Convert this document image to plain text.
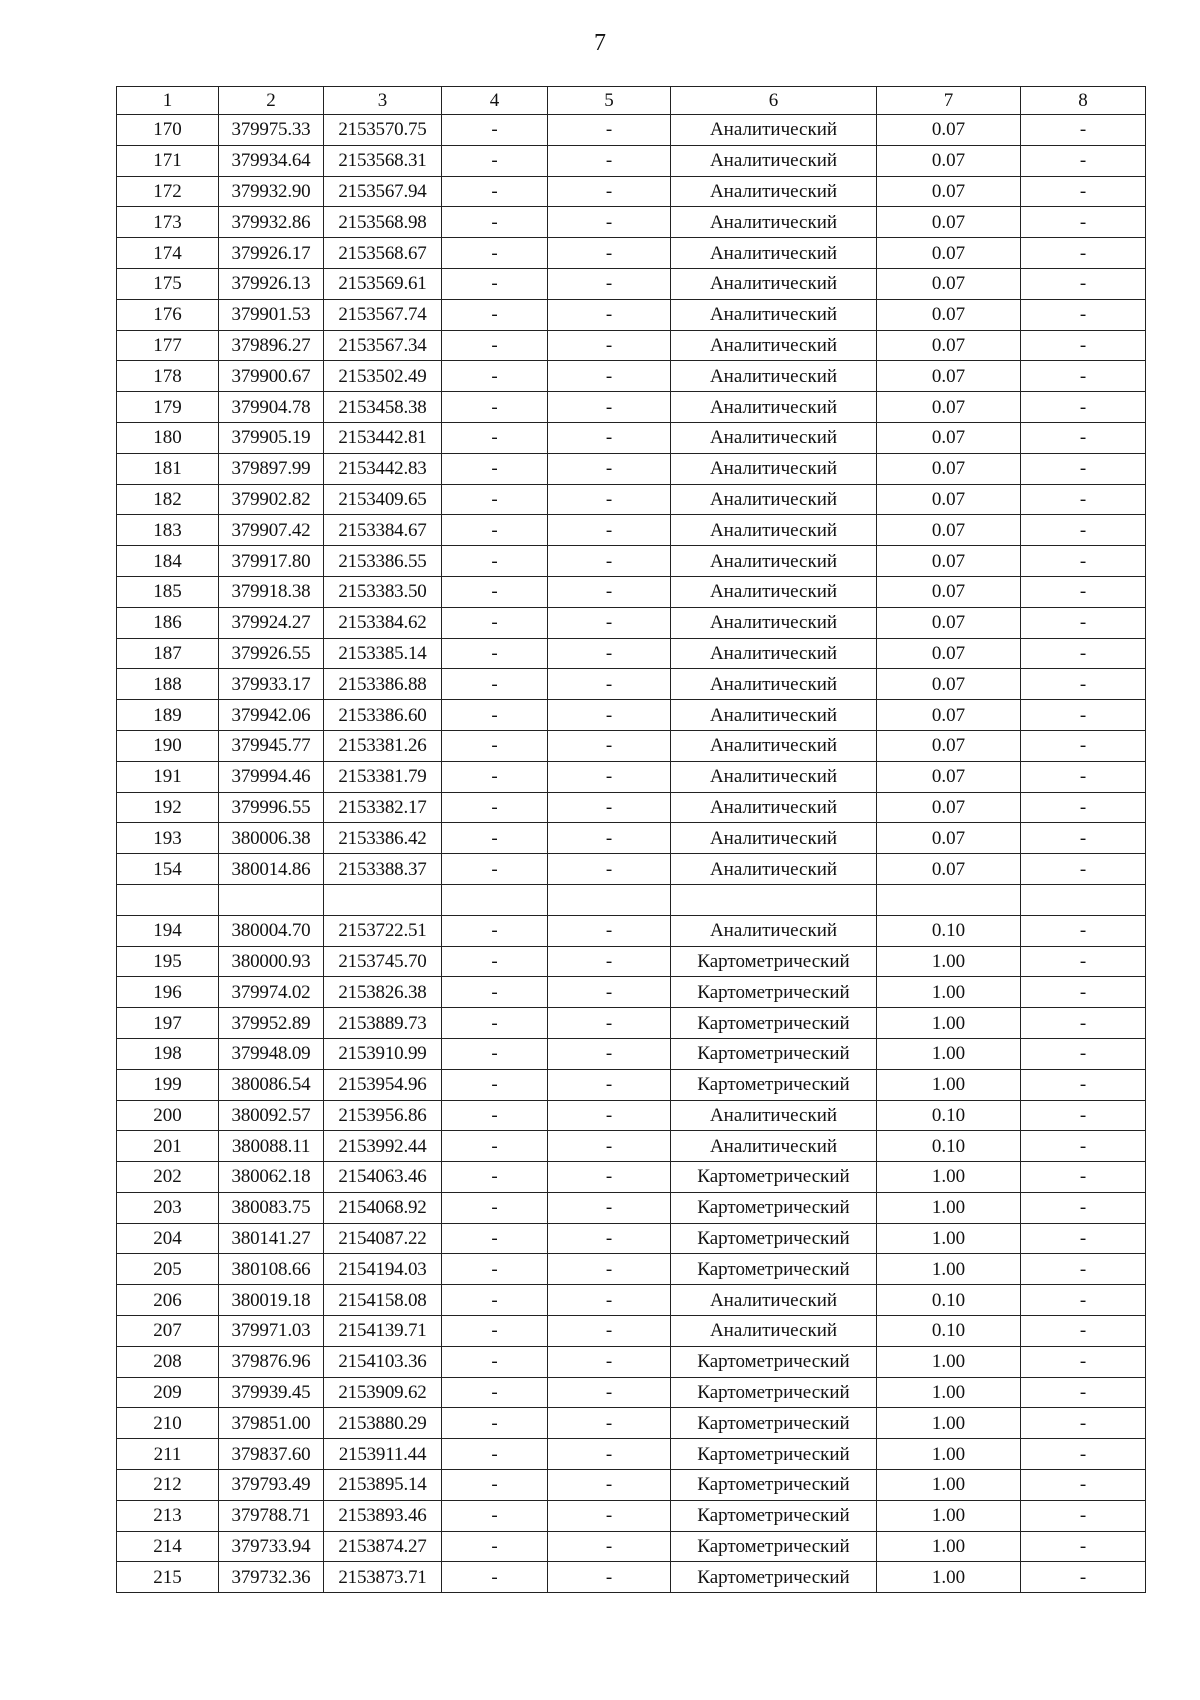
7
1	2	3	4	5	6	7	8
170	379975.33	2153570.75	-	-	Аналитический	0.07	-
171	379934.64	2153568.31	-	-	Аналитический	0.07	-
172	379932.90	2153567.94	-	-	Аналитический	0.07	-
173	379932.86	2153568.98	-	-	Аналитический	0.07	-
174	379926.17	2153568.67	-	-	Аналитический	0.07	-
175	379926.13	2153569.61	-	-	Аналитический	0.07	-
176	379901.53	2153567.74	-	-	Аналитический	0.07	-
177	379896.27	2153567.34	-	-	Аналитический	0.07	-
178	379900.67	2153502.49	-	-	Аналитический	0.07	-
179	379904.78	2153458.38	-	-	Аналитический	0.07	-
180	379905.19	2153442.81	-	-	Аналитический	0.07	-
181	379897.99	2153442.83	-	-	Аналитический	0.07	-
182	379902.82	2153409.65	-	-	Аналитический	0.07	-
183	379907.42	2153384.67	-	-	Аналитический	0.07	-
184	379917.80	2153386.55	-	-	Аналитический	0.07	-
185	379918.38	2153383.50	-	-	Аналитический	0.07	-
186	379924.27	2153384.62	-	-	Аналитический	0.07	-
187	379926.55	2153385.14	-	-	Аналитический	0.07	-
188	379933.17	2153386.88	-	-	Аналитический	0.07	-
189	379942.06	2153386.60	-	-	Аналитический	0.07	-
190	379945.77	2153381.26	-	-	Аналитический	0.07	-
191	379994.46	2153381.79	-	-	Аналитический	0.07	-
192	379996.55	2153382.17	-	-	Аналитический	0.07	-
193	380006.38	2153386.42	-	-	Аналитический	0.07	-
154	380014.86	2153388.37	-	-	Аналитический	0.07	-

194	380004.70	2153722.51	-	-	Аналитический	0.10	-
195	380000.93	2153745.70	-	-	Картометрический	1.00	-
196	379974.02	2153826.38	-	-	Картометрический	1.00	-
197	379952.89	2153889.73	-	-	Картометрический	1.00	-
198	379948.09	2153910.99	-	-	Картометрический	1.00	-
199	380086.54	2153954.96	-	-	Картометрический	1.00	-
200	380092.57	2153956.86	-	-	Аналитический	0.10	-
201	380088.11	2153992.44	-	-	Аналитический	0.10	-
202	380062.18	2154063.46	-	-	Картометрический	1.00	-
203	380083.75	2154068.92	-	-	Картометрический	1.00	-
204	380141.27	2154087.22	-	-	Картометрический	1.00	-
205	380108.66	2154194.03	-	-	Картометрический	1.00	-
206	380019.18	2154158.08	-	-	Аналитический	0.10	-
207	379971.03	2154139.71	-	-	Аналитический	0.10	-
208	379876.96	2154103.36	-	-	Картометрический	1.00	-
209	379939.45	2153909.62	-	-	Картометрический	1.00	-
210	379851.00	2153880.29	-	-	Картометрический	1.00	-
211	379837.60	2153911.44	-	-	Картометрический	1.00	-
212	379793.49	2153895.14	-	-	Картометрический	1.00	-
213	379788.71	2153893.46	-	-	Картометрический	1.00	-
214	379733.94	2153874.27	-	-	Картометрический	1.00	-
215	379732.36	2153873.71	-	-	Картометрический	1.00	-
